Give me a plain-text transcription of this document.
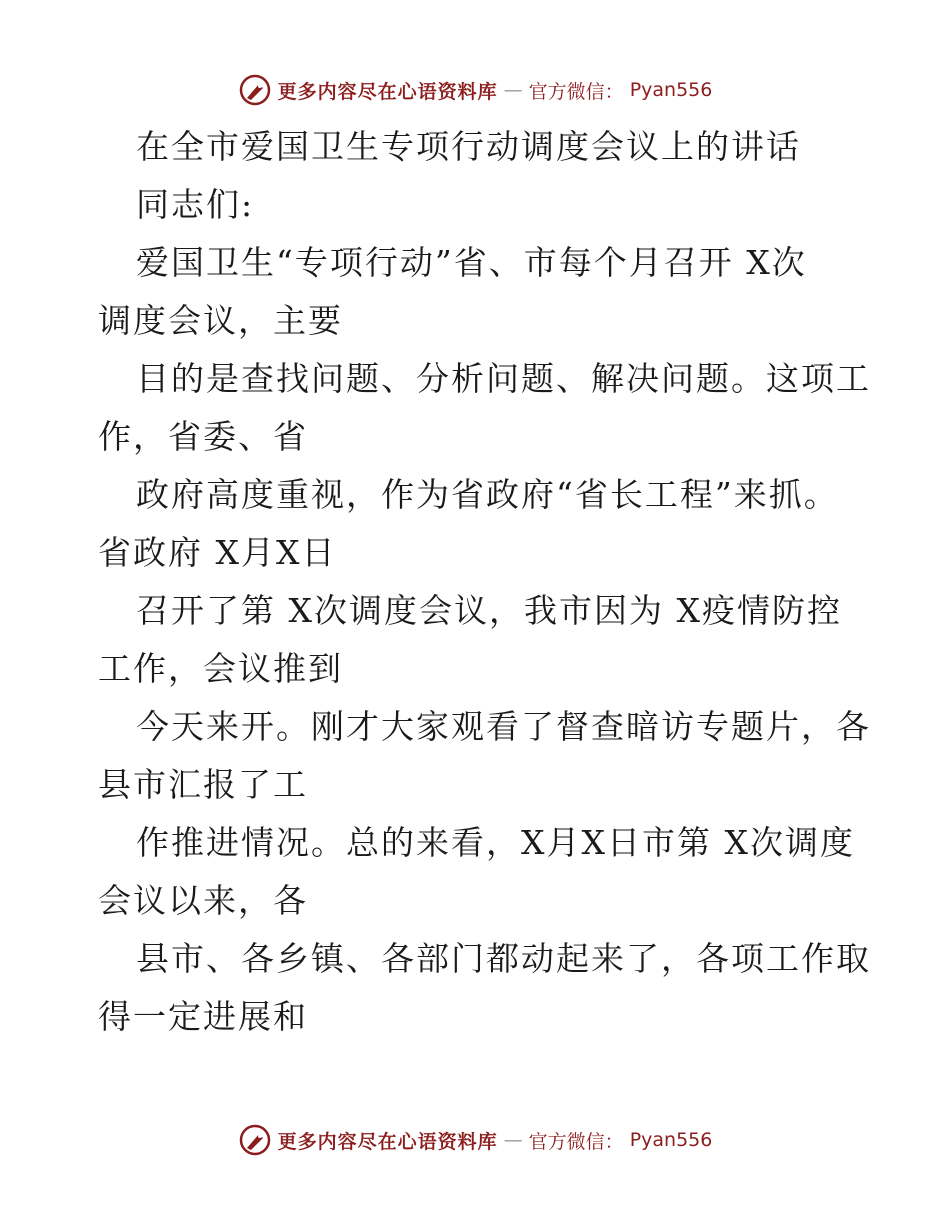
更多内容尽在心语资料库 — 官方微信： Pyan556

在全市爱国卫生专项行动调度会议上的讲话

同志们:

爱国卫生“专项行动”省、市每个月召开 X次

调度会议，主要

目的是查找问题、分析问题、解决问题。这项工

作，省委、省

政府高度重视，作为省政府“省长工程”来抓。

省政府 X月X日

召开了第 X次调度会议，我市因为 X疫情防控

工作，会议推到

今天来开。刚才大家观看了督查暗访专题片，各

县市汇报了工

作推进情况。总的来看，X月X日市第 X次调度

会议以来，各

县市、各乡镇、各部门都动起来了，各项工作取

得一定进展和

更多内容尽在心语资料库 — 官方微信： Pyan556
